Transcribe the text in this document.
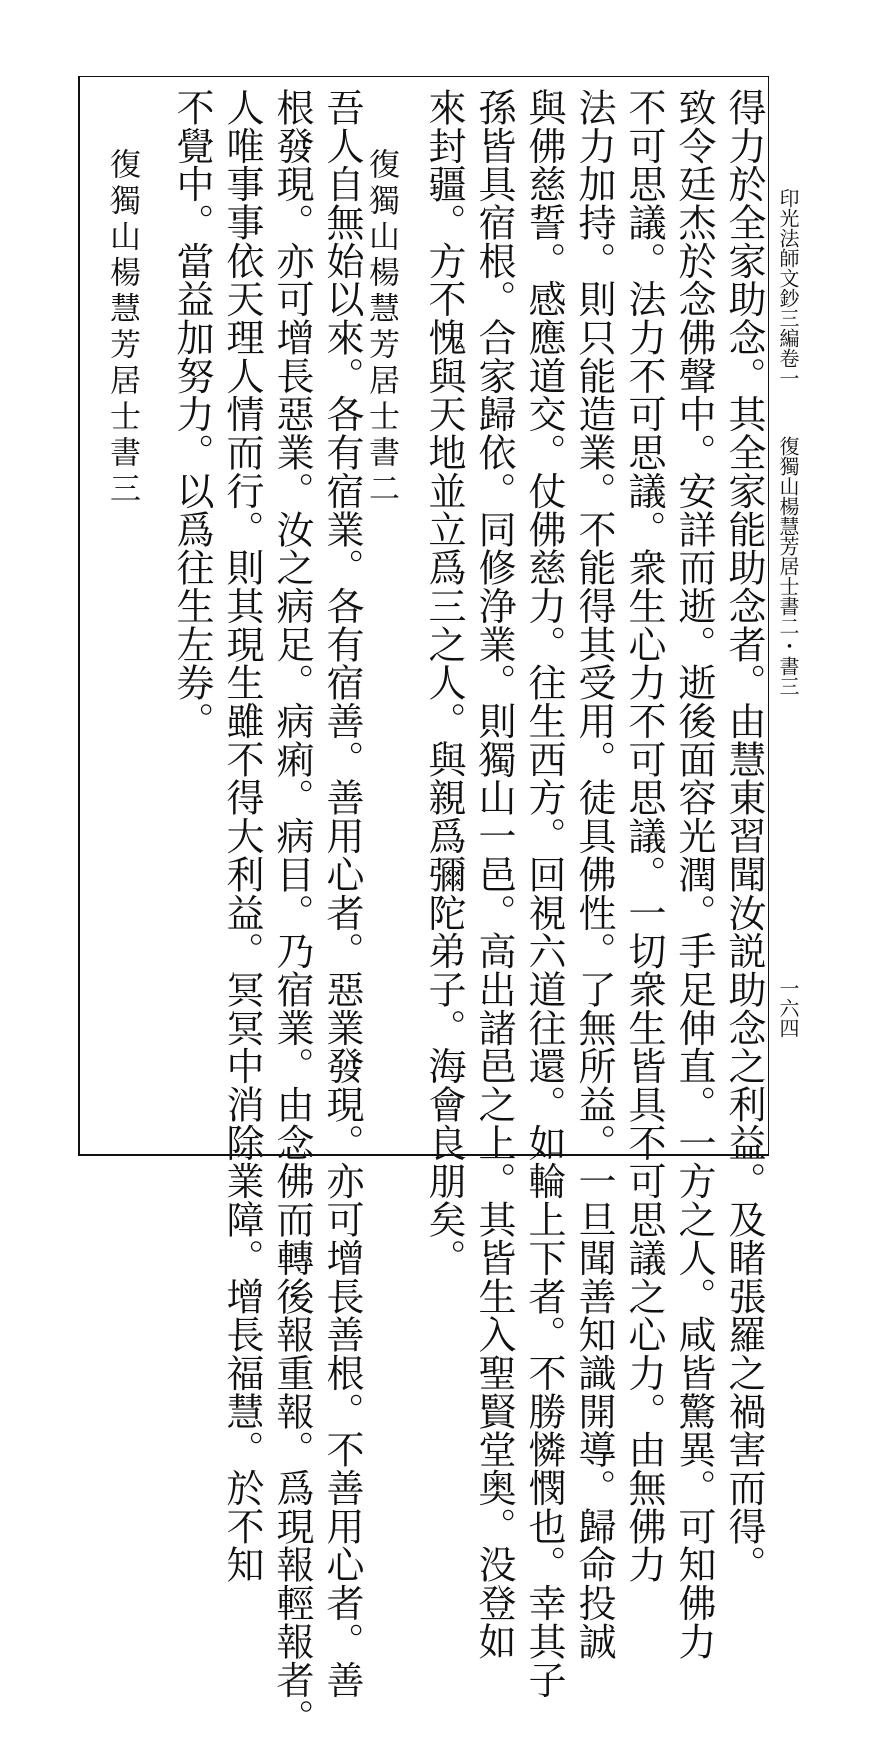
印光法師文鈔三編卷一
復獨山楊慧芳居士書二・書三
一六四
得力於全家助念。其全家能助念者。由慧東習聞汝説助念之利益。及睹張羅之禍害而得。
致令廷杰於念佛聲中。安詳而逝。逝後面容光潤。手足伸直。一方之人。咸皆驚異。可知佛力
不可思議。法力不可思議。衆生心力不可思議。一切衆生皆具不可思議之心力。由無佛力
法力加持。則只能造業。不能得其受用。徒具佛性。了無所益。一旦聞善知識開導。歸命投誠
與佛慈誓。感應道交。仗佛慈力。往生西方。回視六道往還。如輪上下者。不勝憐憫也。幸其子
孫皆具宿根。合家歸依。同修浄業。則獨山一邑。高出諸邑之上。其皆生入聖賢堂奥。没登如
來封疆。方不愧與天地並立爲三之人。與親爲彌陀弟子。海會良朋矣。
復獨山楊慧芳居士書二
吾人自無始以來。各有宿業。各有宿善。善用心者。惡業發現。亦可增長善根。不善用心者。善
根發現。亦可增長惡業。汝之病足。病痢。病目。乃宿業。由念佛而轉後報重報。爲現報輕報者。
人唯事事依天理人情而行。則其現生雖不得大利益。冥冥中消除業障。增長福慧。於不知
不覺中。當益加努力。以爲往生左券。
復獨山楊慧芳居士書三
